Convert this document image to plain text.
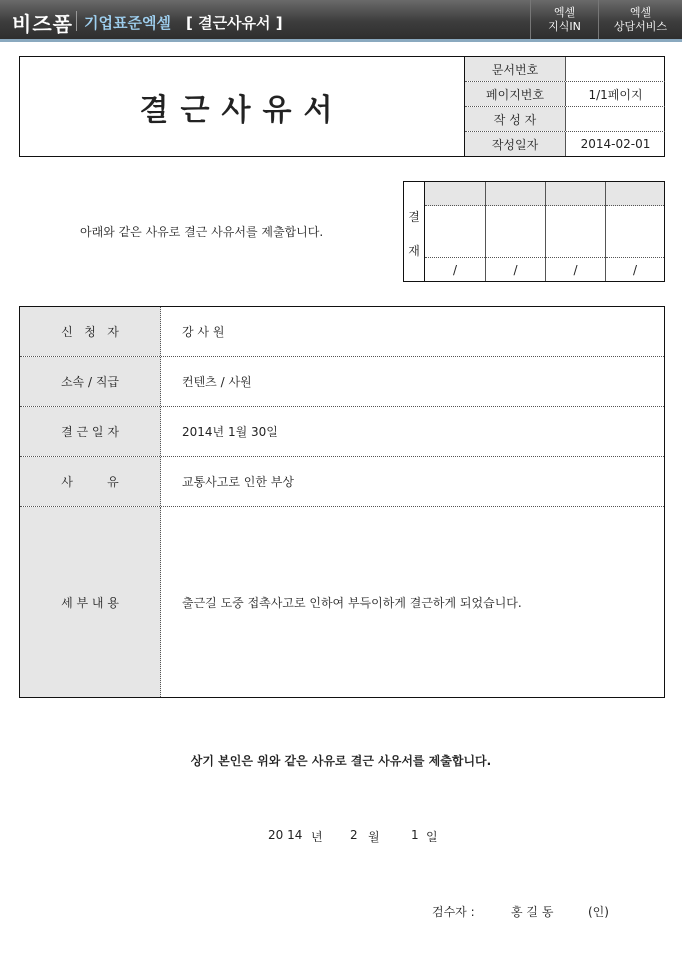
비즈폼 기업표준엑셀 [ 결근사유서 ]
엑셀
지식IN
엑셀
상담서비스
결근사유서
문서번호
페이지번호	1/1페이지
작 성 자
작성일자	2014-02-01
아래와 같은 사유로 결근 사유서를 제출합니다.
결
재
/	/	/	/
신   청   자	강 사 원
소속 / 직급	컨텐츠 / 사원
결 근 일 자	2014년 1월 30일
사         유	교통사고로 인한 부상
세 부 내 용	출근길 도중 접촉사고로 인하여 부득이하게 결근하게 되었습니다.
상기 본인은 위와 같은 사유로 결근 사유서를 제출합니다.
20 14 년 2 월	1 일
검수자 :	홍 길 동	(인)
